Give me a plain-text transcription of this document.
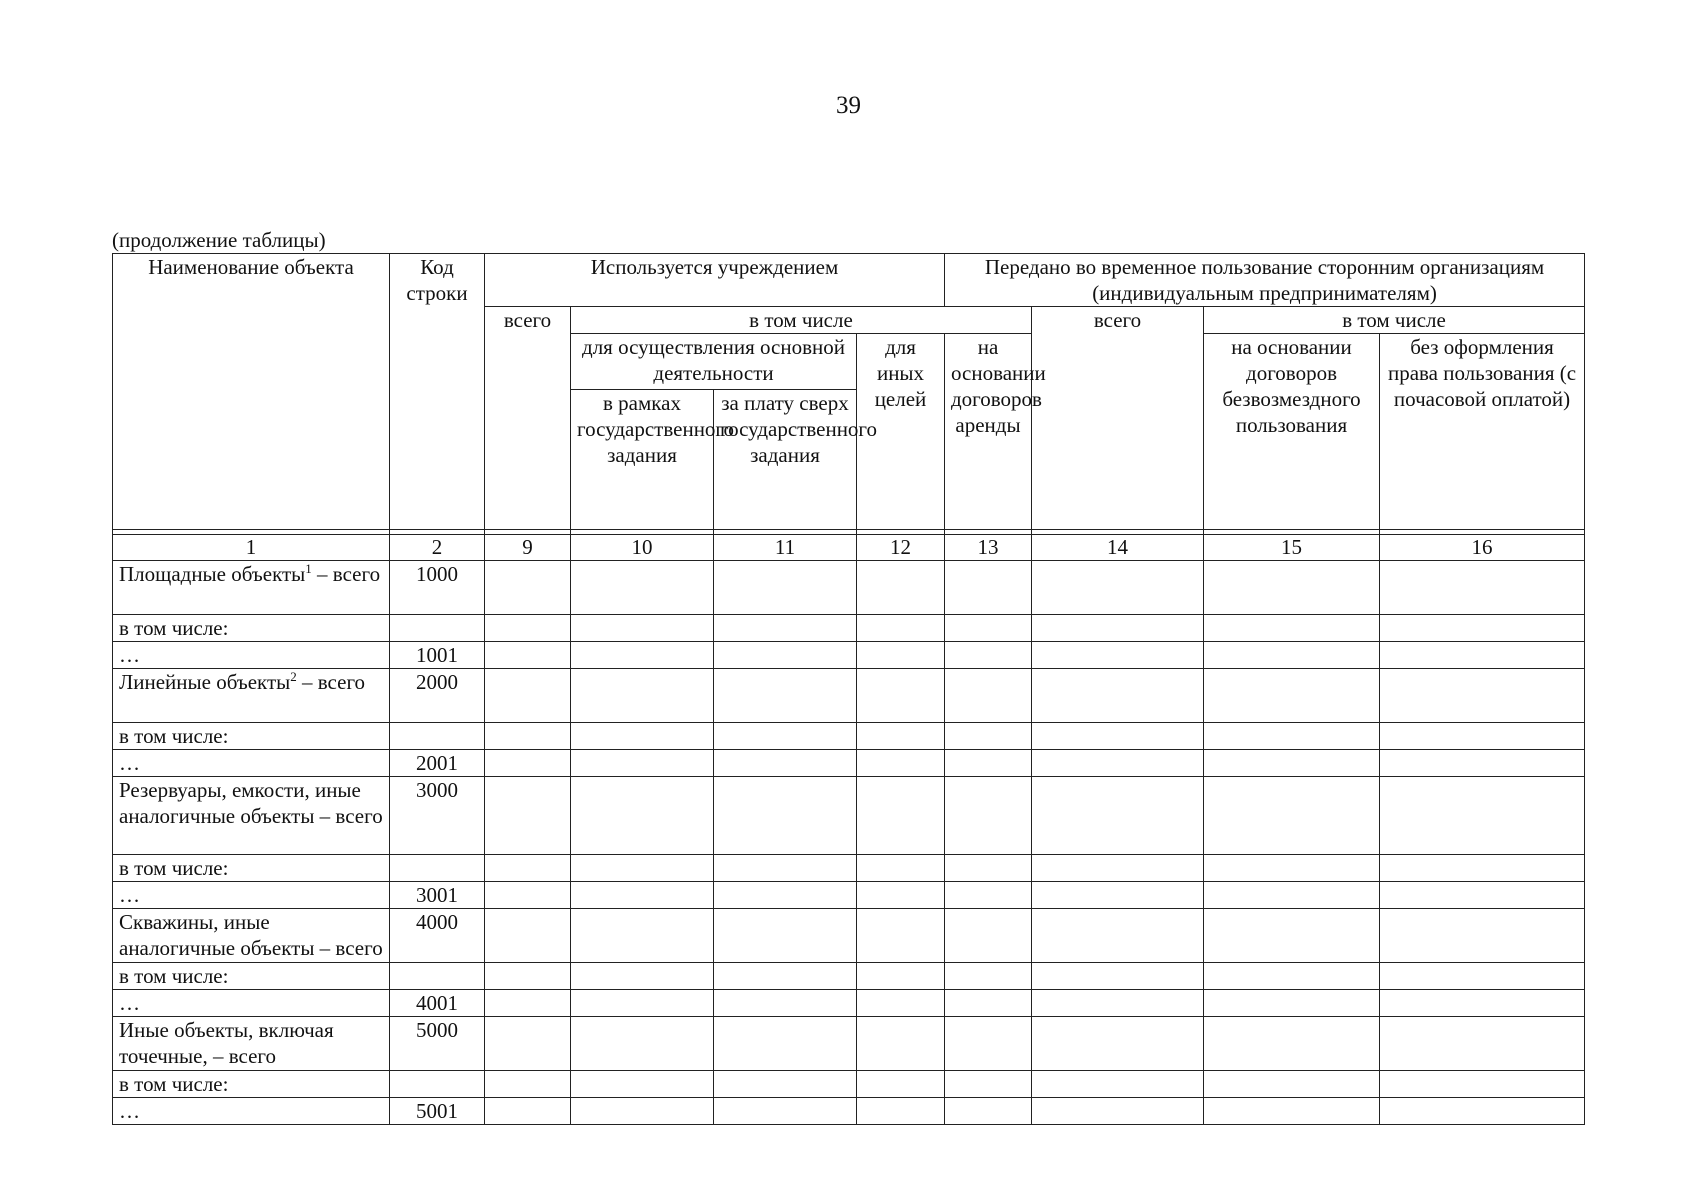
39
(продолжение таблицы)
Наименование объекта	Код строки	Используется учреждением				Передано во временное пользование сторонним организациям (индивидуальным предпринимателям)			
		всего	в том числе				всего	в том числе	
			для осуществления основной деятельности		для иных целей	на основании договоров аренды		на основании договоров безвозмездного пользования	без оформления права пользования (с почасовой оплатой)
			в рамках государственного задания	за плату сверх государственного задания					

1	2	9	10	11	12	13	14	15	16
Площадные объекты$^1$ – всего	1000								
в том числе:									
…	1001								
Линейные объекты$^2$ – всего	2000								
в том числе:									
…	2001								
Резервуары, емкости, иные аналогичные объекты – всего	3000								
в том числе:									
…	3001								
Скважины, иные аналогичные объекты – всего	4000								
в том числе:									
…	4001								
Иные объекты, включая точечные, – всего	5000								
в том числе:									
…	5001								
